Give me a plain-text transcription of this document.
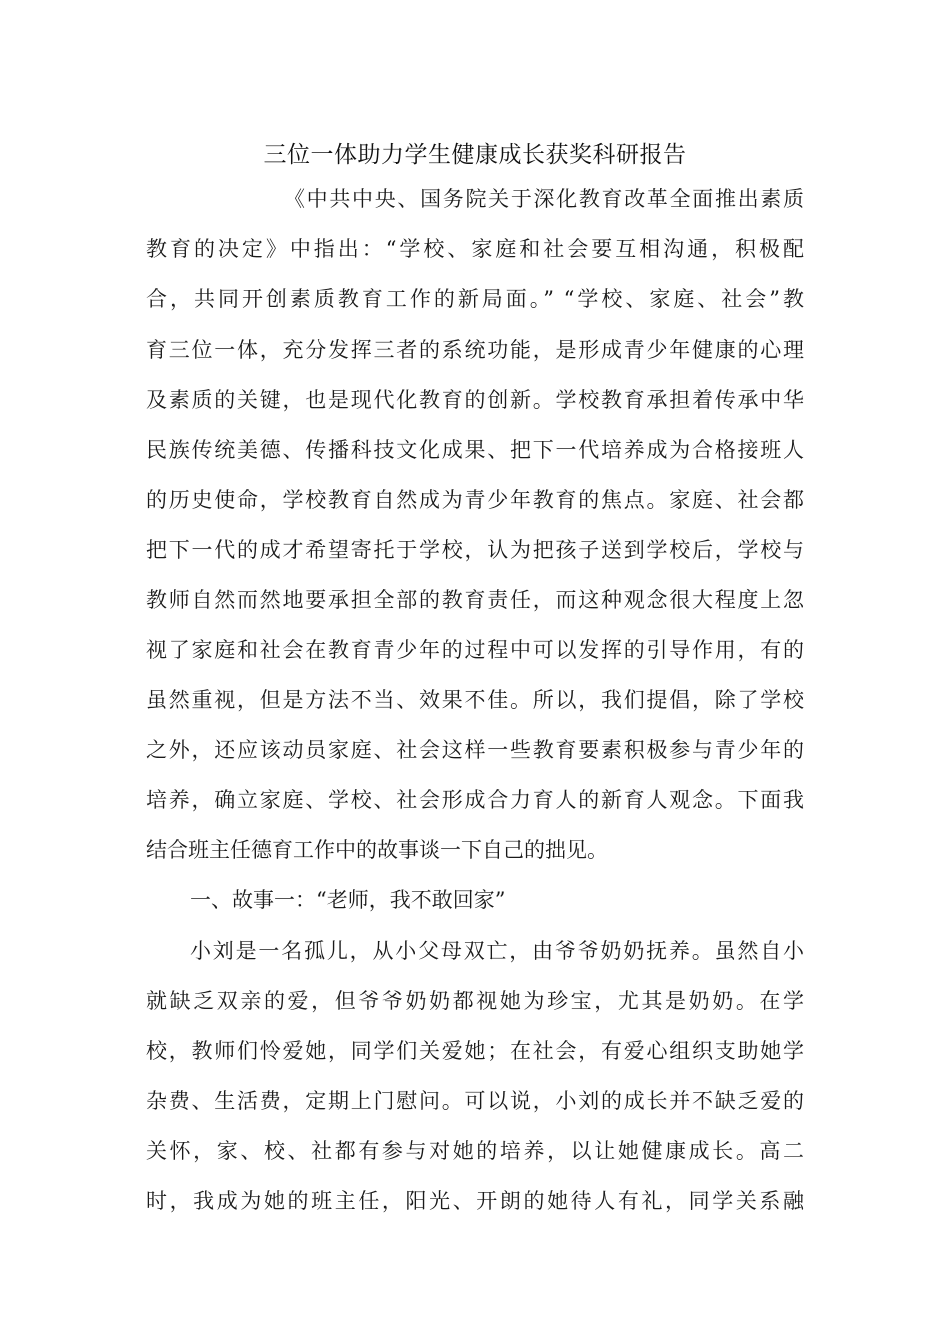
三位一体助力学生健康成长获奖科研报告
《中共中央、国务院关于深化教育改革全面推出素质
教育的决定》中指出：“学校、家庭和社会要互相沟通，积极配
合，共同开创素质教育工作的新局面。” “学校、家庭、社会”教
育三位一体，充分发挥三者的系统功能，是形成青少年健康的心理
及素质的关键，也是现代化教育的创新。学校教育承担着传承中华
民族传统美德、传播科技文化成果、把下一代培养成为合格接班人
的历史使命，学校教育自然成为青少年教育的焦点。家庭、社会都
把下一代的成才希望寄托于学校，认为把孩子送到学校后，学校与
教师自然而然地要承担全部的教育责任，而这种观念很大程度上忽
视了家庭和社会在教育青少年的过程中可以发挥的引导作用，有的
虽然重视，但是方法不当、效果不佳。所以，我们提倡，除了学校
之外，还应该动员家庭、社会这样一些教育要素积极参与青少年的
培养，确立家庭、学校、社会形成合力育人的新育人观念。下面我
结合班主任德育工作中的故事谈一下自己的拙见。
一、故事一：“老师，我不敢回家”
小刘是一名孤儿，从小父母双亡，由爷爷奶奶抚养。虽然自小
就缺乏双亲的爱，但爷爷奶奶都视她为珍宝，尤其是奶奶。在学
校，教师们怜爱她，同学们关爱她；在社会，有爱心组织支助她学
杂费、生活费，定期上门慰问。可以说，小刘的成长并不缺乏爱的
关怀，家、校、社都有参与对她的培养，以让她健康成长。高二
时，我成为她的班主任，阳光、开朗的她待人有礼，同学关系融
